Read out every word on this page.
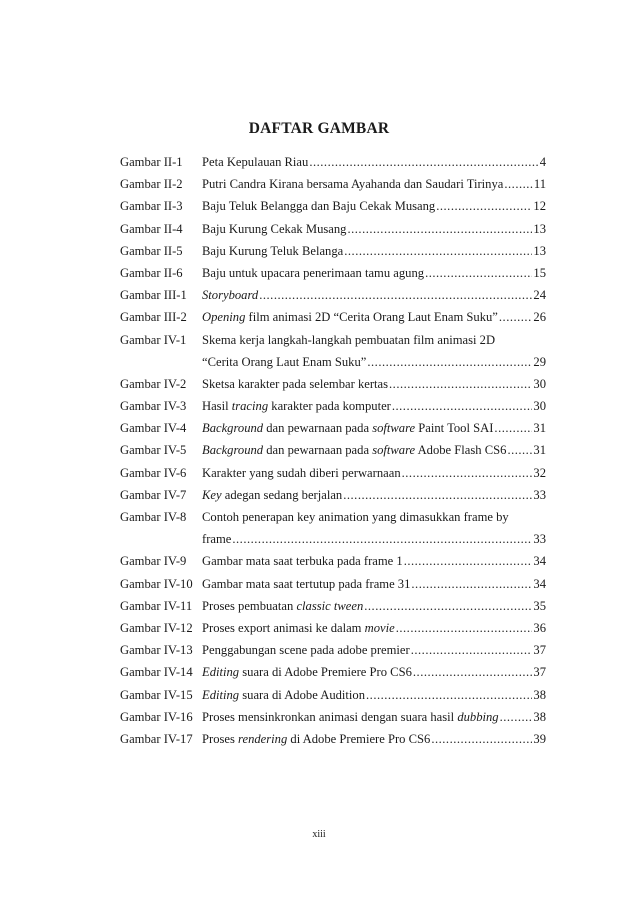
DAFTAR GAMBAR
Gambar II-1	Peta Kepulauan Riau .....	4
Gambar II-2	Putri Candra Kirana bersama Ayahanda dan Saudari Tirinya ..... 11
Gambar II-3	Baju Teluk Belangga dan Baju Cekak Musang .....	12
Gambar II-4	Baju Kurung Cekak Musang .....	13
Gambar II-5	Baju Kurung Teluk Belanga .....	13
Gambar II-6	Baju untuk upacara penerimaan tamu agung .....	15
Gambar III-1	Storyboard .....	24
Gambar III-2	Opening film animasi 2D “Cerita Orang Laut Enam Suku” .....	26
Gambar IV-1	Skema kerja langkah-langkah pembuatan film animasi 2D
“Cerita Orang Laut Enam Suku” .....	29
Gambar IV-2	Sketsa karakter pada selembar kertas .....	30
Gambar IV-3	Hasil tracing karakter pada komputer .....	30
Gambar IV-4	Background dan pewarnaan pada software Paint Tool SAI .....	31
Gambar IV-5	Background dan pewarnaan pada software Adobe Flash CS6 ..... 31
Gambar IV-6	Karakter yang sudah diberi perwarnaan .....	32
Gambar IV-7	Key adegan sedang berjalan .....	33
Gambar IV-8	Contoh penerapan key animation yang dimasukkan frame by
frame .....	33
Gambar IV-9	Gambar mata saat terbuka pada frame 1 .....	34
Gambar IV-10 Gambar mata saat tertutup pada frame 31 .....	34
Gambar IV-11 Proses pembuatan classic tween .....	35
Gambar IV-12 Proses export animasi ke dalam movie .....	36
Gambar IV-13 Penggabungan scene pada adobe premier .....	37
Gambar IV-14 Editing suara di Adobe Premiere Pro CS6 .....	37
Gambar IV-15 Editing suara di Adobe Audition .....	38
Gambar IV-16 Proses mensinkronkan animasi dengan suara hasil dubbing .....	38
Gambar IV-17 Proses rendering di Adobe Premiere Pro CS6 .....	39
xiii
